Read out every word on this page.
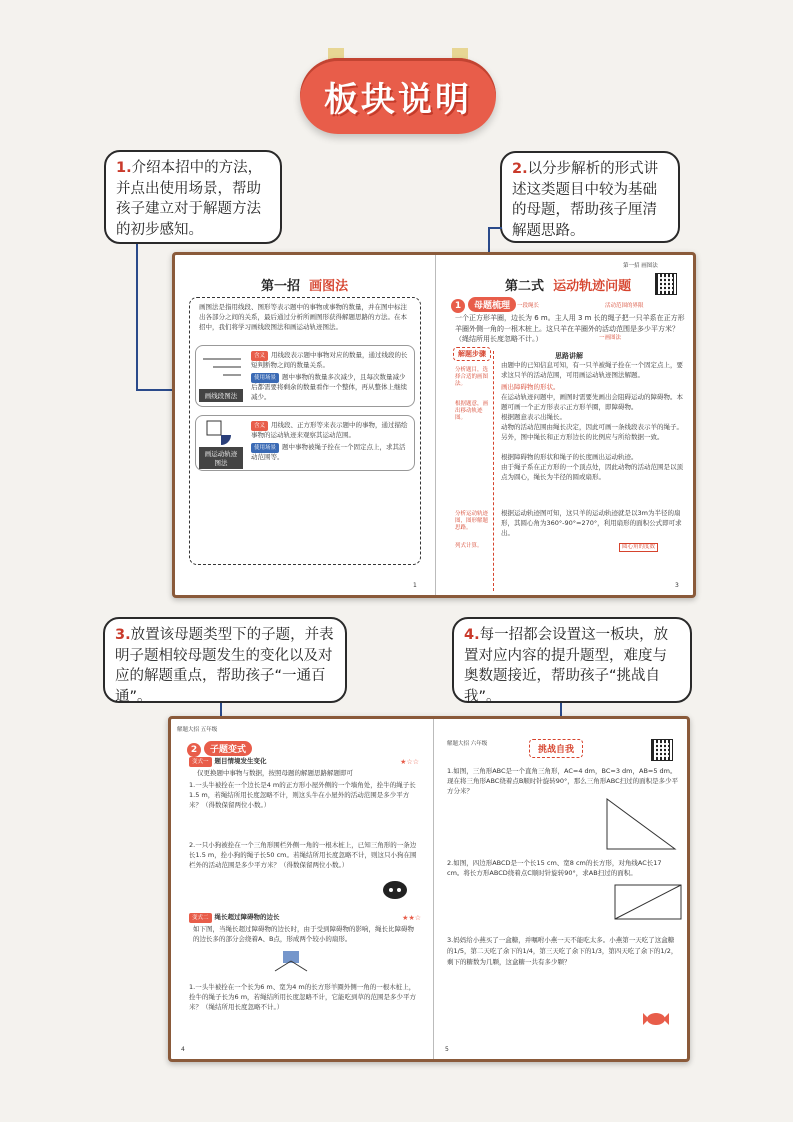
板块说明
1.介绍本招中的方法，并点出使用场景，帮助孩子建立对于解题方法的初步感知。
2.以分步解析的形式讲述这类题目中较为基础的母题，帮助孩子厘清解题思路。
3.放置该母题类型下的子题，并表明子题相较母题发生的变化以及对应的解题重点，帮助孩子“一通百通”。
4.每一招都会设置这一板块，放置对应内容的提升题型，难度与奥数题接近，帮助孩子“挑战自我”。
第一招 画图法
画图法是指用线段、图形等表示题中的事物或事物的数量，并在图中标注出各部分之间的关系，最后通过分析所画图形获得解题思路的方法。在本招中，我们将学习画线段图法和画运动轨迹图法。
画线段图法
含义 用线段表示题中事物对应的数量，通过线段的长短判断物之间的数量关系。
使用场景 题中事物的数量多次减少，且每次数量减少后都需要将剩余的数量看作一个整体，再从整体上继续减少。
画运动轨迹图法
含义 用线段、正方形等来表示题中的事物，通过描绘事物的运动轨迹来观察其运动范围。
使用场景 题中事物被绳子拴在一个固定点上，求其活动范围等。
1
第一招 画图法
第二式 运动轨迹问题
1 母题梳理	一段绳长	活动范围的界限
一个正方形羊圈，边长为 6 m。主人用 3 m 长的绳子把一只羊系在正方形羊圈外侧一角的一根木桩上。这只羊在羊圈外的活动范围是多少平方米？（绳结所用长度忽略不计。）	一画图法
解题步骤
分析题目，选择合适的画图法。
思路讲解
由题中的已知信息可知，有一只羊被绳子拴在一个固定点上，要求这只羊的活动范围，可用画运动轨迹图法解题。
根据题意，画出移动轨迹图。
画出障碍物的形状。
在运动轨迹问题中，画图时需要先画出会阻碍运动的障碍物。本题可画一个正方形表示正方形羊圈，即障碍物。
根据题意表示出绳长。
动物的活动范围由绳长决定，因此可画一条线段表示羊的绳子。另外，图中绳长和正方形边长的比例应与所给数据一致。
根据障碍物的形状和绳子的长度画出运动轨迹。
由于绳子系在正方形的一个顶点处，因此动物的活动范围是以顶点为圆心，绳长为半径的圆或扇形。
分析运动轨迹图，图形解题思路。
根据运动轨迹图可知，这只羊的运动轨迹就是以3m为半径的扇形，其圆心角为360°-90°=270°，利用扇形的面积公式即可求出。
列式计算。	圆心角的度数
3
解题大招 五年级
2 子题变式
变式一 题目情境发生变化	★☆☆
仅更换题中事物与数据，按照母题的解题思路解题即可
1.一头牛被拴在一个边长是4 m的正方形小屋外侧的一个墙角处，拴牛的绳子长1.5 m，若绳结所用长度忽略不计，则这头牛在小屋外的活动范围是多少平方米？（得数保留两位小数。）
2.一只小狗被拴在一个三角形围栏外侧一角的一根木桩上，已知三角形的一条边长1.5 m，拴小狗的绳子长50 cm。若绳结所用长度忽略不计，则这只小狗在围栏外的活动范围是多少平方米？（得数保留两位小数。）
变式二 绳长超过障碍物的边长	★★☆
如下图，当绳长超过障碍物的边长时，由于受到障碍物的影响，绳长比障碍物的边长多的部分会绕着A、B点，形成两个较小的扇形。
1.一头牛被拴在一个长为6 m、宽为4 m的长方形羊圈外侧一角的一根木桩上，拴牛的绳子长为6 m，若绳结所用长度忽略不计，它能吃到草的范围是多少平方米？（绳结所用长度忽略不计。）
4
解题大招 六年级
挑战自我
1.如图，三角形ABC是一个直角三角形，AC=4 dm，BC=3 dm，AB=5 dm。现在将三角形ABC绕着点B顺时针旋转90°，那么三角形ABC扫过的面积是多少平方分米？
2.如图，四边形ABCD是一个长15 cm、宽8 cm的长方形，对角线AC长17 cm。将长方形ABCD绕着点C顺时针旋转90°，求AB扫过的面积。
3.妈妈给小燕买了一盒糖，并嘱咐小燕一天不能吃太多。小燕第一天吃了这盒糖的1/5，第二天吃了余下的1/4，第三天吃了余下的1/3，第四天吃了余下的1/2，剩下的糖数为几颗，这盒糖一共有多少颗？
5
